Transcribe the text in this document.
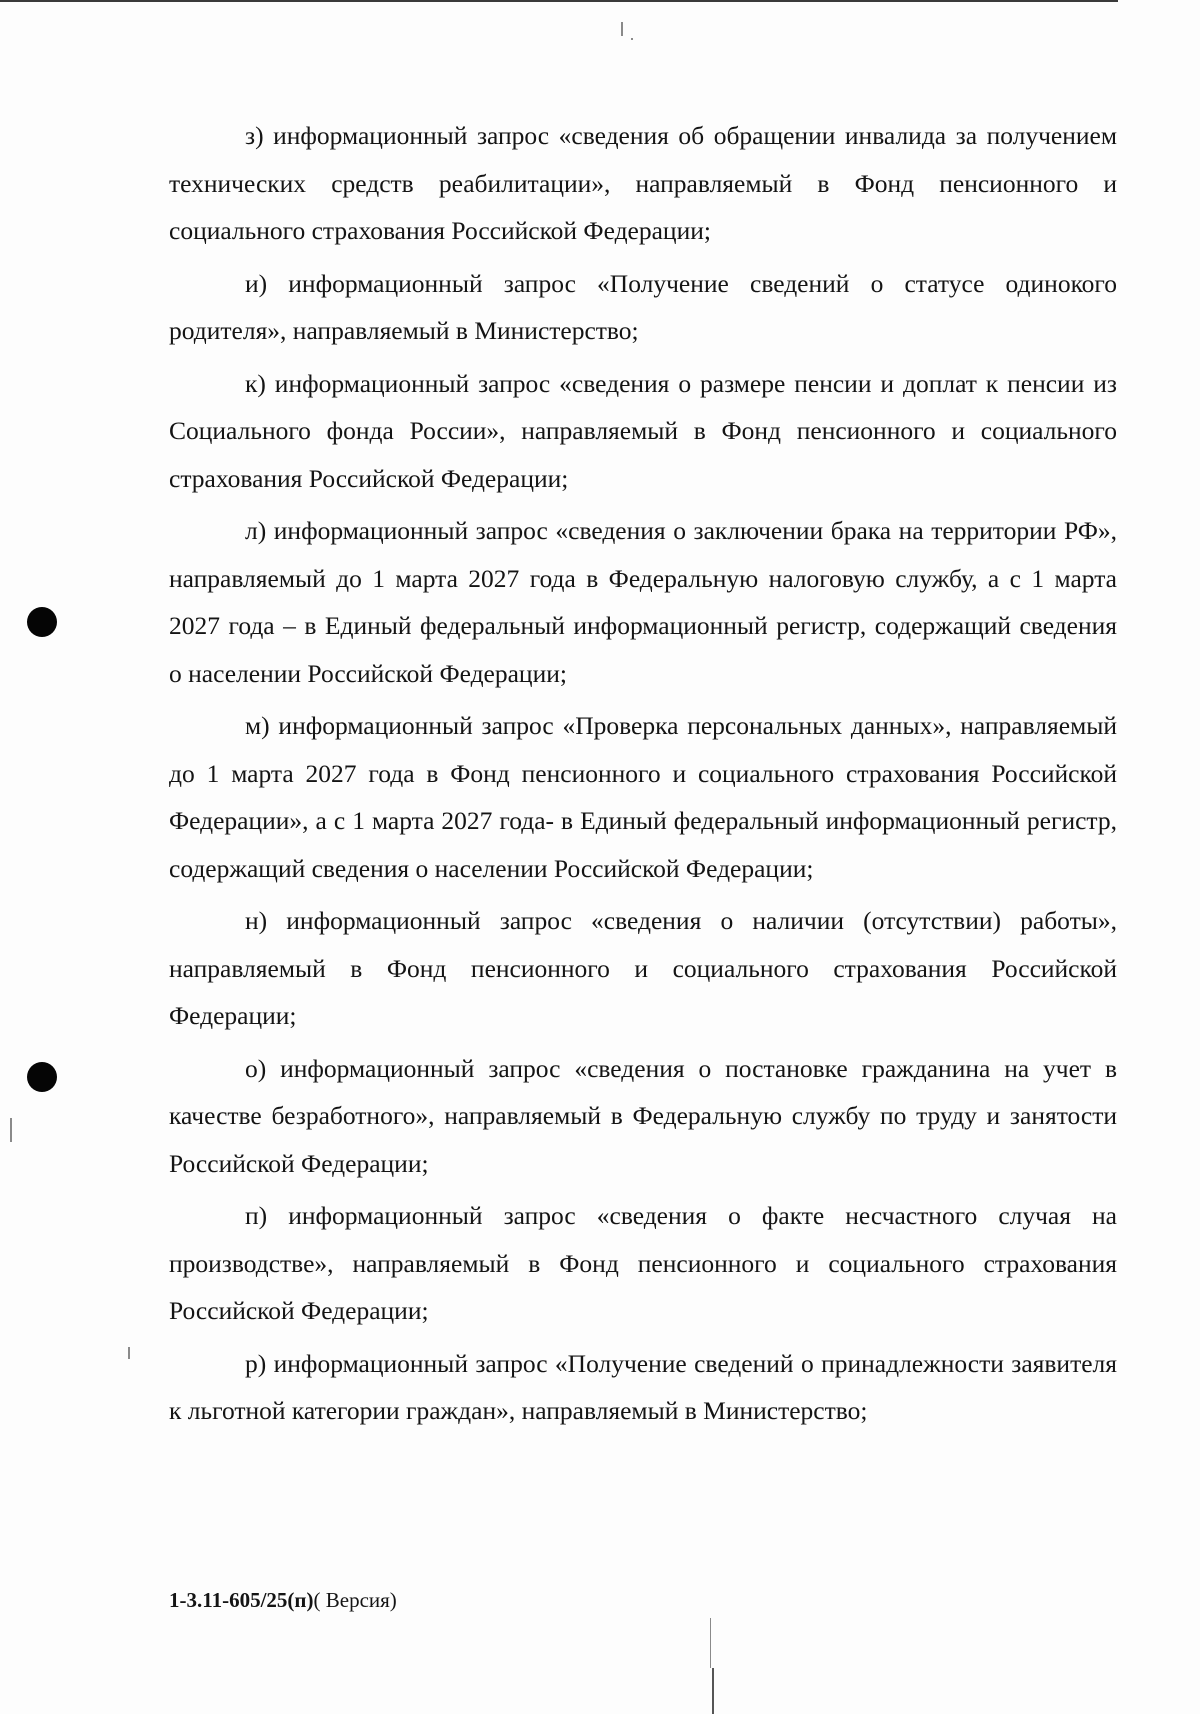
з) информационный запрос «сведения об обращении инвалида за получением технических средств реабилитации», направляемый в Фонд пенсионного и социального страхования Российской Федерации;

и) информационный запрос «Получение сведений о статусе одинокого родителя», направляемый в Министерство;

к) информационный запрос «сведения о размере пенсии и доплат к пенсии из Социального фонда России», направляемый в Фонд пенсионного и социального страхования Российской Федерации;

л) информационный запрос «сведения о заключении брака на территории РФ», направляемый до 1 марта 2027 года в Федеральную налоговую службу, а с 1 марта 2027 года – в Единый федеральный информационный регистр, содержащий сведения о населении Российской Федерации;

м) информационный запрос «Проверка персональных данных», направляемый до 1 марта 2027 года в Фонд пенсионного и социального страхования Российской Федерации», а с 1 марта 2027 года- в Единый федеральный информационный регистр, содержащий сведения о населении Российской Федерации;

н) информационный запрос «сведения о наличии (отсутствии) работы», направляемый в Фонд пенсионного и социального страхования Российской Федерации;

о) информационный запрос «сведения о постановке гражданина на учет в качестве безработного», направляемый в Федеральную службу по труду и занятости Российской Федерации;

п) информационный запрос «сведения о факте несчастного случая на производстве», направляемый в Фонд пенсионного и социального страхования Российской Федерации;

р) информационный запрос «Получение сведений о принадлежности заявителя к льготной категории граждан», направляемый в Министерство;

1-3.11-605/25(п)( Версия)
